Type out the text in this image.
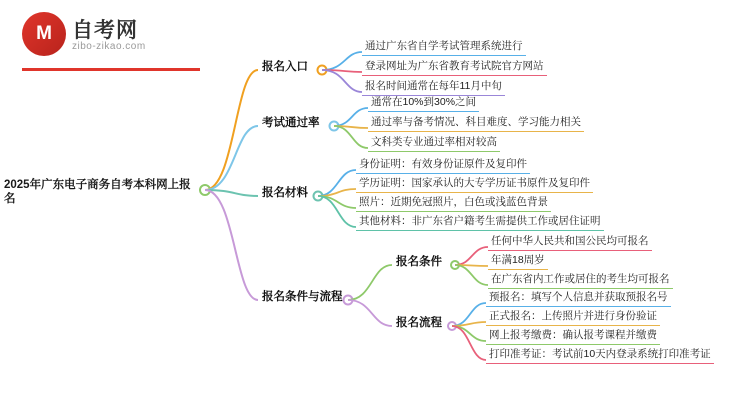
M 自考网
zibo-zikao.com
2025年广东电子商务自考本科网上报名
报名入口
考试通过率
报名材料
报名条件与流程
报名条件
报名流程
通过广东省自学考试管理系统进行
登录网址为广东省教育考试院官方网站
报名时间通常在每年11月中旬
通常在10%到30%之间
通过率与备考情况、科目难度、学习能力相关
文科类专业通过率相对较高
身份证明：有效身份证原件及复印件
学历证明：国家承认的大专学历证书原件及复印件
照片：近期免冠照片，白色或浅蓝色背景
其他材料：非广东省户籍考生需提供工作或居住证明
任何中华人民共和国公民均可报名
年满18周岁
在广东省内工作或居住的考生均可报名
预报名：填写个人信息并获取预报名号
正式报名：上传照片并进行身份验证
网上报考缴费：确认报考课程并缴费
打印准考证：考试前10天内登录系统打印准考证
